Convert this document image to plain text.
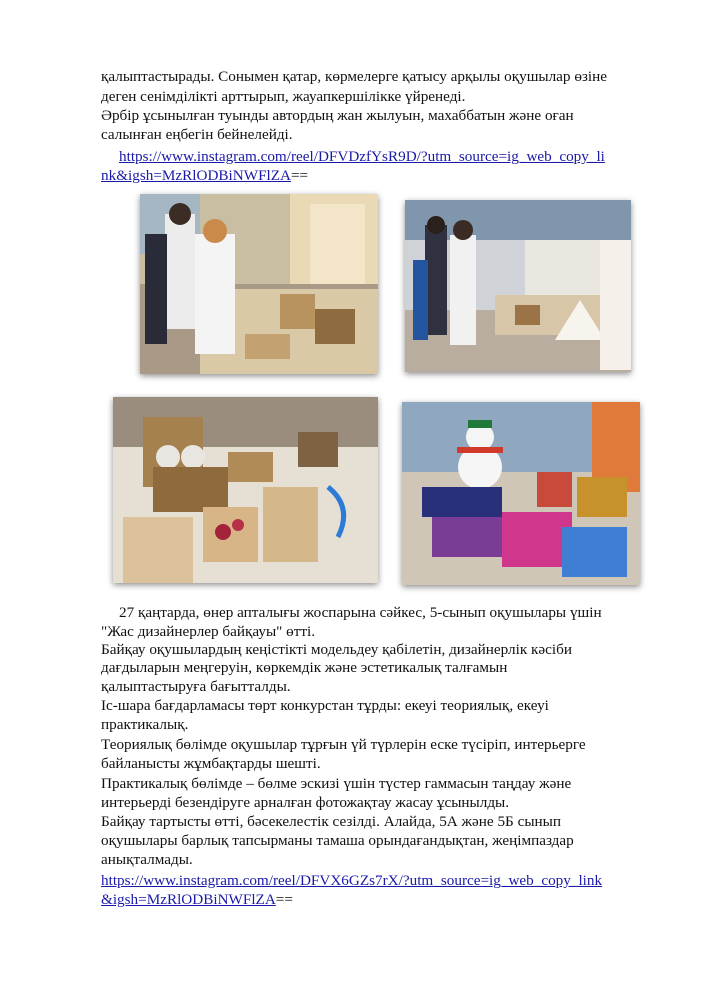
қалыптастырады. Сонымен қатар, көрмелерге қатысу арқылы оқушылар өзіне
деген сенімділікті арттырып, жауапкершілікке үйренеді.
Әрбір ұсынылған туынды автордың жан жылуын, махаббатын және оған
салынған еңбегін бейнелейді.
https://www.instagram.com/reel/DFVDzfYsR9D/?utm_source=ig_web_copy_li
nk&igsh=MzRlODBiNWFlZA==
27 қаңтарда, өнер апталығы жоспарына сәйкес, 5-сынып оқушылары үшін
"Жас дизайнерлер байқауы" өтті.
Байқау оқушылардың кеңістікті модельдеу қабілетін, дизайнерлік кәсіби
дағдыларын меңгеруін, көркемдік және эстетикалық талғамын
қалыптастыруға бағытталды.
Іс-шара бағдарламасы төрт конкурстан тұрды: екеуі теориялық, екеуі
практикалық.
Теориялық бөлімде оқушылар тұрғын үй түрлерін еске түсіріп, интерьерге
байланысты жұмбақтарды шешті.
Практикалық бөлімде – бөлме эскизі үшін түстер гаммасын таңдау және
интерьерді безендіруге арналған фотожақтау жасау ұсынылды.
Байқау тартысты өтті, бәсекелестік сезілді. Алайда, 5А және 5Б сынып
оқушылары барлық тапсырманы тамаша орындағандықтан, жеңімпаздар
анықталмады.
https://www.instagram.com/reel/DFVX6GZs7rX/?utm_source=ig_web_copy_link
&igsh=MzRlODBiNWFlZA==
